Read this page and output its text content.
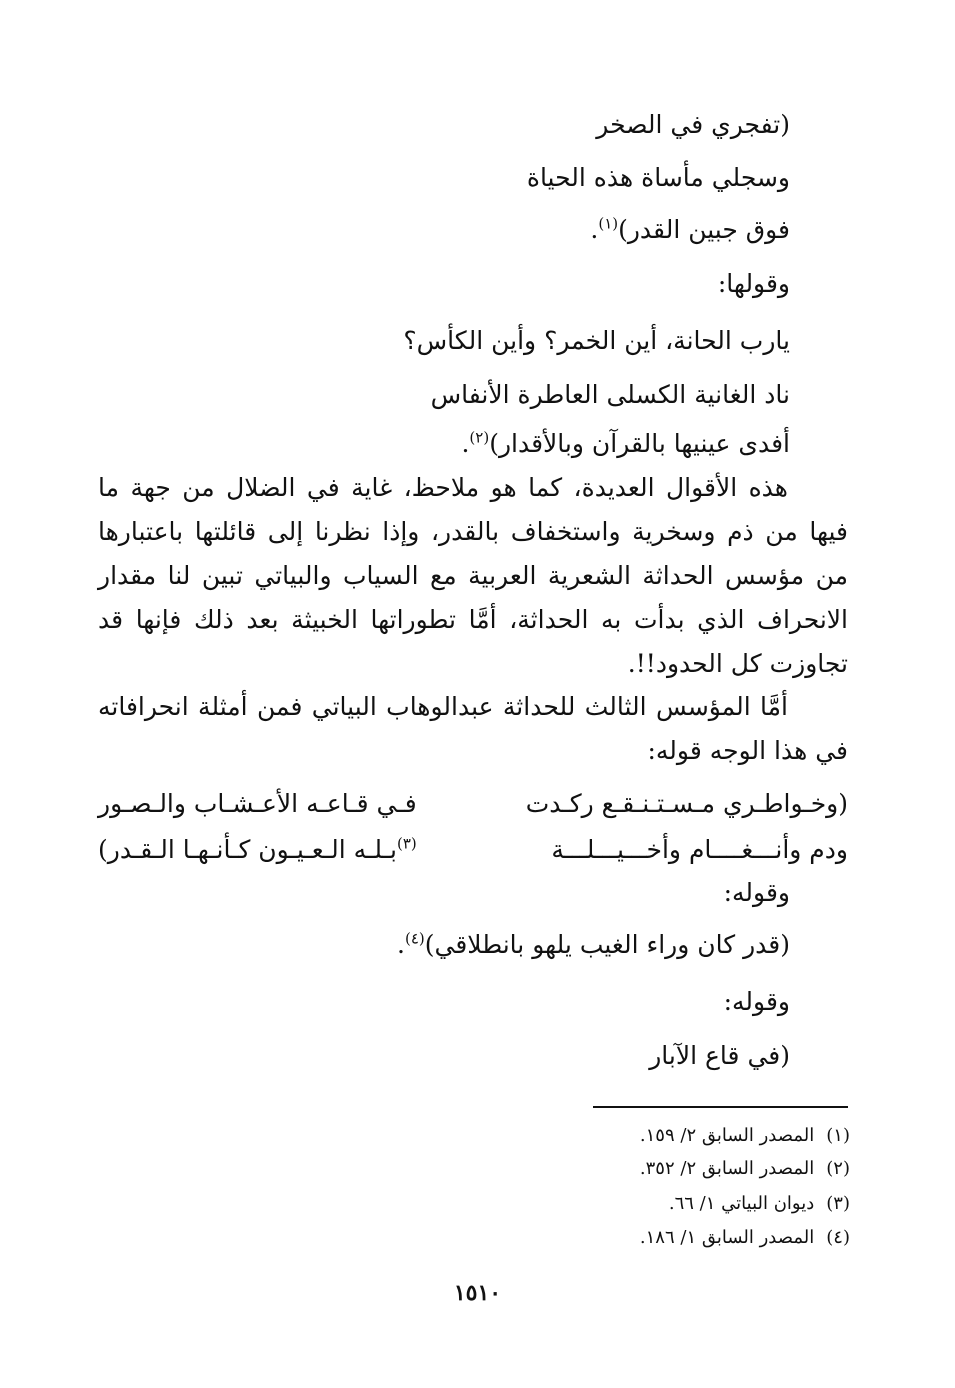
(تفجري في الصخر
وسجلي مأساة هذه الحياة
فوق جبين القدر)$^{(١)}$.
وقولها:
يارب الحانة، أين الخمر؟ وأين الكأس؟
ناد الغانية الكسلى العاطرة الأنفاس
أفدى عينيها بالقرآن وبالأقدار)$^{(٢)}$.

هذه الأقوال العديدة، كما هو ملاحظ، غاية في الضلال من جهة ما فيها من ذم وسخرية واستخفاف بالقدر، وإذا نظرنا إلى قائلتها باعتبارها من مؤسس الحداثة الشعرية العربية مع السياب والبياتي تبين لنا مقدار الانحراف الذي بدأت به الحداثة، أمَّا تطوراتها الخبيثة بعد ذلك فإنها قد تجاوزت كل الحدود!!.

أمَّا المؤسس الثالث للحداثة عبدالوهاب البياتي فمن أمثلة انحرافاته في هذا الوجه قوله:

(وخـواطـري مـسـتـنـقـع ركـدت
فـي قـاعـه الأعـشـاب والـصـور
ودم وأنـــغــــام وأخـــيـــلـــة
$^{(٣)}$بـلـه الـعـيـون كـأنـهـا الـقـدر)
وقوله:
(قدر كان وراء الغيب يلهو بانطلاقي)$^{(٤)}$.
وقوله:
(في قاع الآبار
(١)المصدر السابق ٢/ ١٥٩.
(٢)المصدر السابق ٢/ ٣٥٢.
(٣)ديوان البياتي ١/ ٦٦.
(٤)المصدر السابق ١/ ١٨٦.
١٥١٠
